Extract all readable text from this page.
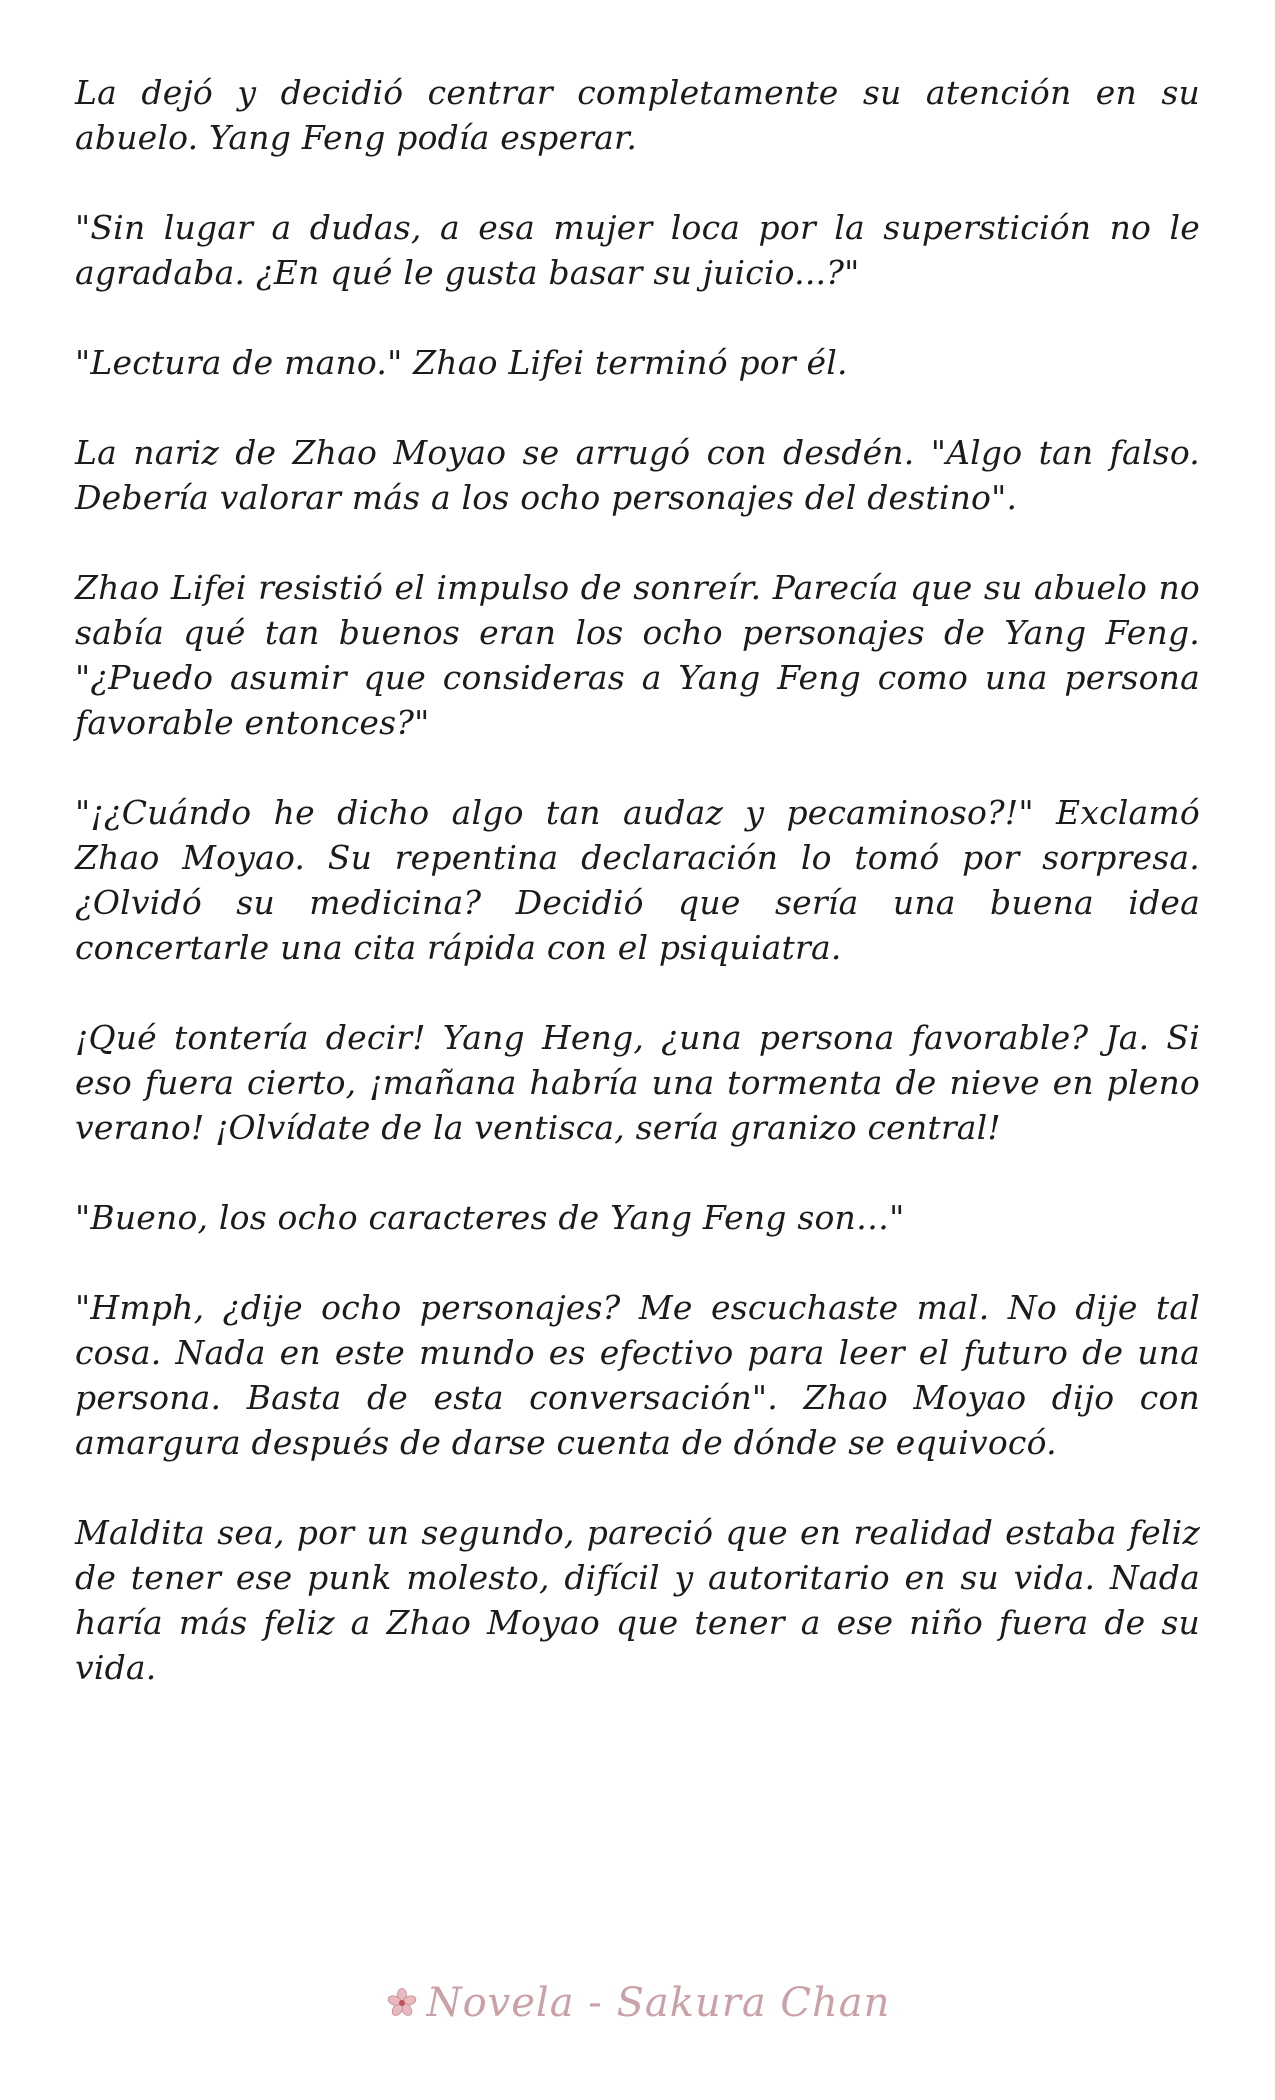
La dejó y decidió centrar completamente su atención en su abuelo. Yang Feng podía esperar.

"Sin lugar a dudas, a esa mujer loca por la superstición no le agradaba. ¿En qué le gusta basar su juicio...?"

"Lectura de mano." Zhao Lifei terminó por él.

La nariz de Zhao Moyao se arrugó con desdén. "Algo tan falso. Debería valorar más a los ocho personajes del destino".

Zhao Lifei resistió el impulso de sonreír. Parecía que su abuelo no sabía qué tan buenos eran los ocho personajes de Yang Feng. "¿Puedo asumir que consideras a Yang Feng como una persona favorable entonces?"

"¡¿Cuándo he dicho algo tan audaz y pecaminoso?!" Exclamó Zhao Moyao. Su repentina declaración lo tomó por sorpresa. ¿Olvidó su medicina? Decidió que sería una buena idea concertarle una cita rápida con el psiquiatra.

¡Qué tontería decir! Yang Heng, ¿una persona favorable? Ja. Si eso fuera cierto, ¡mañana habría una tormenta de nieve en pleno verano! ¡Olvídate de la ventisca, sería granizo central!

"Bueno, los ocho caracteres de Yang Feng son…"

"Hmph, ¿dije ocho personajes? Me escuchaste mal. No dije tal cosa. Nada en este mundo es efectivo para leer el futuro de una persona. Basta de esta conversación". Zhao Moyao dijo con amargura después de darse cuenta de dónde se equivocó.

Maldita sea, por un segundo, pareció que en realidad estaba feliz de tener ese punk molesto, difícil y autoritario en su vida. Nada haría más feliz a Zhao Moyao que tener a ese niño fuera de su vida.

Novela - Sakura Chan
